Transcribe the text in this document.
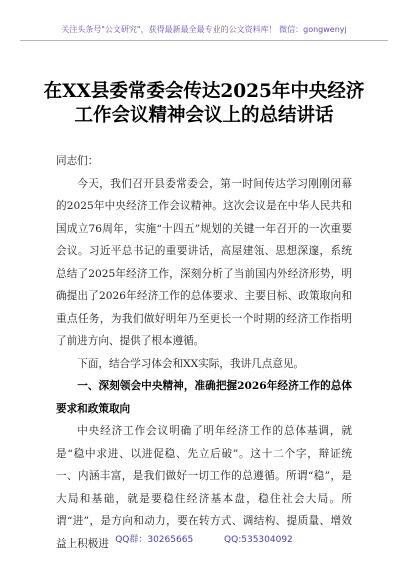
关注头条号"公文研究"，获得最新最全最专业的公文资料库！ 微信：gongwenyj
在XX县委常委会传达2025年中央经济
工作会议精神会议上的总结讲话

同志们：

今天，我们召开县委常委会，第一时间传达学习刚刚闭幕的2025年中央经济工作会议精神。这次会议是在中华人民共和国成立76周年，实施“十四五”规划的关键一年召开的一次重要会议。习近平总书记的重要讲话，高屋建瓴、思想深邃，系统总结了2025年经济工作，深刻分析了当前国内外经济形势，明确提出了2026年经济工作的总体要求、主要目标、政策取向和重点任务，为我们做好明年乃至更长一个时期的经济工作指明了前进方向、提供了根本遵循。

下面，结合学习体会和XX实际，我讲几点意见。

一、深刻领会中央精神，准确把握2026年经济工作的总体要求和政策取向

中央经济工作会议明确了明年经济工作的总体基调，就是“稳中求进、以进促稳、先立后破”。这十二个字，辩证统一、内涵丰富，是我们做好一切工作的总遵循。所谓“稳”，是大局和基础，就是要稳住经济基本盘，稳住社会大局。所谓“进”，是方向和动力，要在转方式、调结构、提质量、增效益上积极进 QQ群：30265665	QQ:535304092
